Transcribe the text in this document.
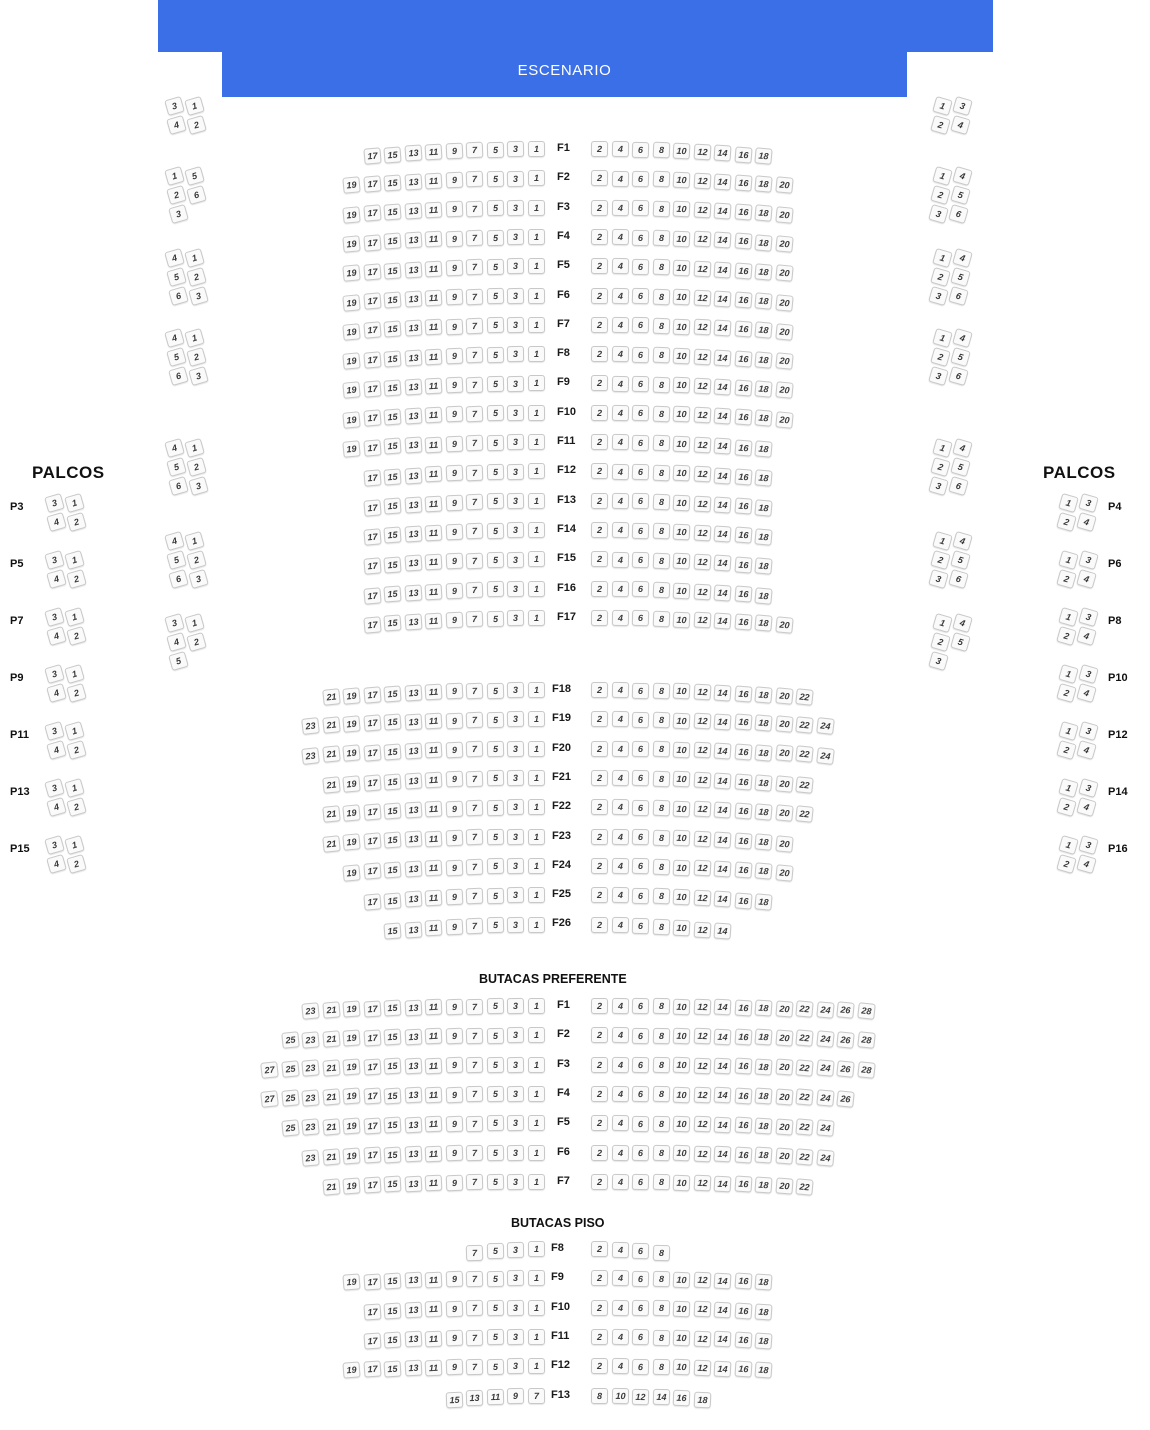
ESCENARIO
PALCOS	PALCOS
BUTACAS PREFERENTE
BUTACAS PISO
17	15	13	11	9	7	5	3	1	2	4	6	8	10	12	14	16	18
F1
19	17	15	13	11	9	7	5	3	1	2	4	6	8	10	12	14	16	18	20
F2
19	17	15	13	11	9	7	5	3	1	2	4	6	8	10	12	14	16	18	20
F3
19	17	15	13	11	9	7	5	3	1	2	4	6	8	10	12	14	16	18	20
F4
19	17	15	13	11	9	7	5	3	1	2	4	6	8	10	12	14	16	18	20
F5
19	17	15	13	11	9	7	5	3	1	2	4	6	8	10	12	14	16	18	20
F6
19	17	15	13	11	9	7	5	3	1	2	4	6	8	10	12	14	16	18	20
F7
19	17	15	13	11	9	7	5	3	1	2	4	6	8	10	12	14	16	18	20
F8
19	17	15	13	11	9	7	5	3	1	2	4	6	8	10	12	14	16	18	20
F9
19	17	15	13	11	9	7	5	3	1	2	4	6	8	10	12	14	16	18	20
F10
19	17	15	13	11	9	7	5	3	1	2	4	6	8	10	12	14	16	18
F11
17	15	13	11	9	7	5	3	1	2	4	6	8	10	12	14	16	18
F12
17	15	13	11	9	7	5	3	1	2	4	6	8	10	12	14	16	18
F13
17	15	13	11	9	7	5	3	1	2	4	6	8	10	12	14	16	18
F14
17	15	13	11	9	7	5	3	1	2	4	6	8	10	12	14	16	18
F15
17	15	13	11	9	7	5	3	1	2	4	6	8	10	12	14	16	18
F16
17	15	13	11	9	7	5	3	1	2	4	6	8	10	12	14	16	18	20
F17
21	19	17	15	13	11	9	7	5	3	1	2	4	6	8	10	12	14	16	18	20	22
F18
23	21	19	17	15	13	11	9	7	5	3	1	2	4	6	8	10	12	14	16	18	20	22	24
F19
23	21	19	17	15	13	11	9	7	5	3	1	2	4	6	8	10	12	14	16	18	20	22	24
F20
21	19	17	15	13	11	9	7	5	3	1	2	4	6	8	10	12	14	16	18	20	22
F21
21	19	17	15	13	11	9	7	5	3	1	2	4	6	8	10	12	14	16	18	20	22
F22
21	19	17	15	13	11	9	7	5	3	1	2	4	6	8	10	12	14	16	18	20
F23
19	17	15	13	11	9	7	5	3	1	2	4	6	8	10	12	14	16	18	20
F24
17	15	13	11	9	7	5	3	1	2	4	6	8	10	12	14	16	18
F25
15	13	11	9	7	5	3	1	2	4	6	8	10	12	14
F26
23	21	19	17	15	13	11	9	7	5	3	1	2	4	6	8	10	12	14	16	18	20	22	24	26	28
F1
25	23	21	19	17	15	13	11	9	7	5	3	1	2	4	6	8	10	12	14	16	18	20	22	24	26	28
F2
27	25	23	21	19	17	15	13	11	9	7	5	3	1	2	4	6	8	10	12	14	16	18	20	22	24	26	28
F3
27	25	23	21	19	17	15	13	11	9	7	5	3	1	2	4	6	8	10	12	14	16	18	20	22	24	26
F4
25	23	21	19	17	15	13	11	9	7	5	3	1	2	4	6	8	10	12	14	16	18	20	22	24
F5
23	21	19	17	15	13	11	9	7	5	3	1	2	4	6	8	10	12	14	16	18	20	22	24
F6
21	19	17	15	13	11	9	7	5	3	1	2	4	6	8	10	12	14	16	18	20	22
F7
7	5	3	1	2	4	6	8
F8
19	17	15	13	11	9	7	5	3	1	2	4	6	8	10	12	14	16	18
F9
17	15	13	11	9	7	5	3	1	2	4	6	8	10	12	14	16	18
F10
17	15	13	11	9	7	5	3	1	2	4	6	8	10	12	14	16	18
F11
19	17	15	13	11	9	7	5	3	1	2	4	6	8	10	12	14	16	18
F12
15	13	11	9	7	8	10	12	14	16	18
F13
3	1
4	2
1	5
2	6
3
4	1
5	2
6	3
4	1
5	2
6	3
4	1
5	2
6	3
4	1
5	2
6	3
3	1
4	2
5
1	3
2	4
1	4
2	5
3	6
1	4
2	5
3	6
1	4
2	5
3	6
1	4
2	5
3	6
1	4
2	5
3	6
1	4
2	5
3
3	1
4	2
P3
3	1
4	2
P5
3	1
4	2
P7
3	1
4	2
P9
3	1
4	2
P11
3	1
4	2
P13
3	1
4	2
P15
1	3
2	4
P4
1	3
2	4
P6
1	3
2	4
P8
1	3
2	4
P10
1	3
2	4
P12
1	3
2	4
P14
1	3
2	4
P16
